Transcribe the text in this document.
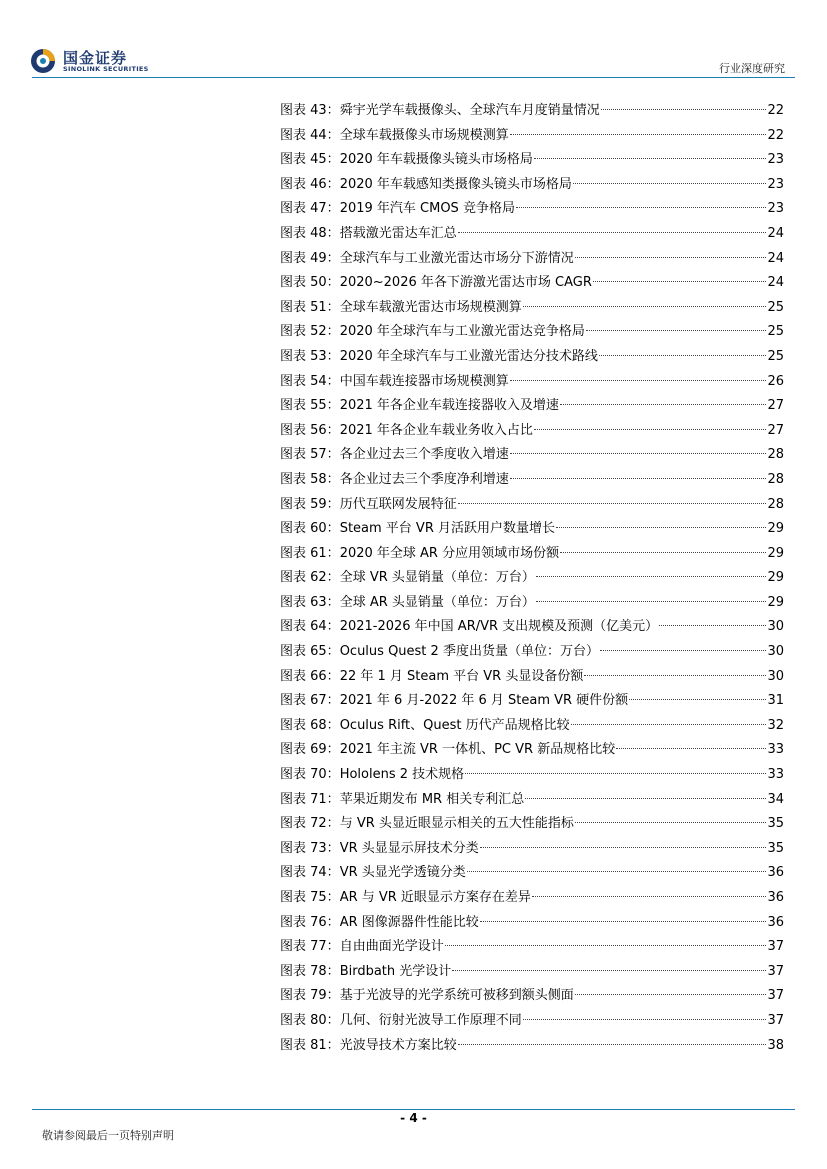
国金证券
SINOLINK SECURITIES	行业深度研究
图表 43： 舜宇光学车载摄像头、全球汽车月度销量情况	22
图表 44： 全球车载摄像头市场规模测算	22
图表 45： 2020 年车载摄像头镜头市场格局	23
图表 46： 2020 年车载感知类摄像头镜头市场格局	23
图表 47： 2019 年汽车 CMOS 竞争格局	23
图表 48： 搭载激光雷达车汇总	24
图表 49： 全球汽车与工业激光雷达市场分下游情况	24
图表 50： 2020~2026 年各下游激光雷达市场 CAGR	24
图表 51： 全球车载激光雷达市场规模测算	25
图表 52： 2020 年全球汽车与工业激光雷达竞争格局	25
图表 53： 2020 年全球汽车与工业激光雷达分技术路线	25
图表 54： 中国车载连接器市场规模测算	26
图表 55： 2021 年各企业车载连接器收入及增速	27
图表 56： 2021 年各企业车载业务收入占比	27
图表 57： 各企业过去三个季度收入增速	28
图表 58： 各企业过去三个季度净利增速	28
图表 59： 历代互联网发展特征	28
图表 60： Steam 平台 VR 月活跃用户数量增长	29
图表 61： 2020 年全球 AR 分应用领域市场份额	29
图表 62： 全球 VR 头显销量（单位：万台）	29
图表 63： 全球 AR 头显销量（单位：万台）	29
图表 64： 2021-2026 年中国 AR/VR 支出规模及预测（亿美元）	30
图表 65： Oculus Quest 2 季度出货量（单位：万台）	30
图表 66： 22 年 1 月 Steam 平台 VR 头显设备份额	30
图表 67： 2021 年 6 月-2022 年 6 月 Steam VR 硬件份额	31
图表 68： Oculus Rift、Quest 历代产品规格比较	32
图表 69： 2021 年主流 VR 一体机、PC VR 新品规格比较	33
图表 70： Hololens 2 技术规格	33
图表 71： 苹果近期发布 MR 相关专利汇总	34
图表 72： 与 VR 头显近眼显示相关的五大性能指标	35
图表 73： VR 头显显示屏技术分类	35
图表 74： VR 头显光学透镜分类	36
图表 75： AR 与 VR 近眼显示方案存在差异	36
图表 76： AR 图像源器件性能比较	36
图表 77： 自由曲面光学设计	37
图表 78： Birdbath 光学设计	37
图表 79： 基于光波导的光学系统可被移到额头侧面	37
图表 80： 几何、衍射光波导工作原理不同	37
图表 81： 光波导技术方案比较	38
- 4 -
敬请参阅最后一页特别声明
